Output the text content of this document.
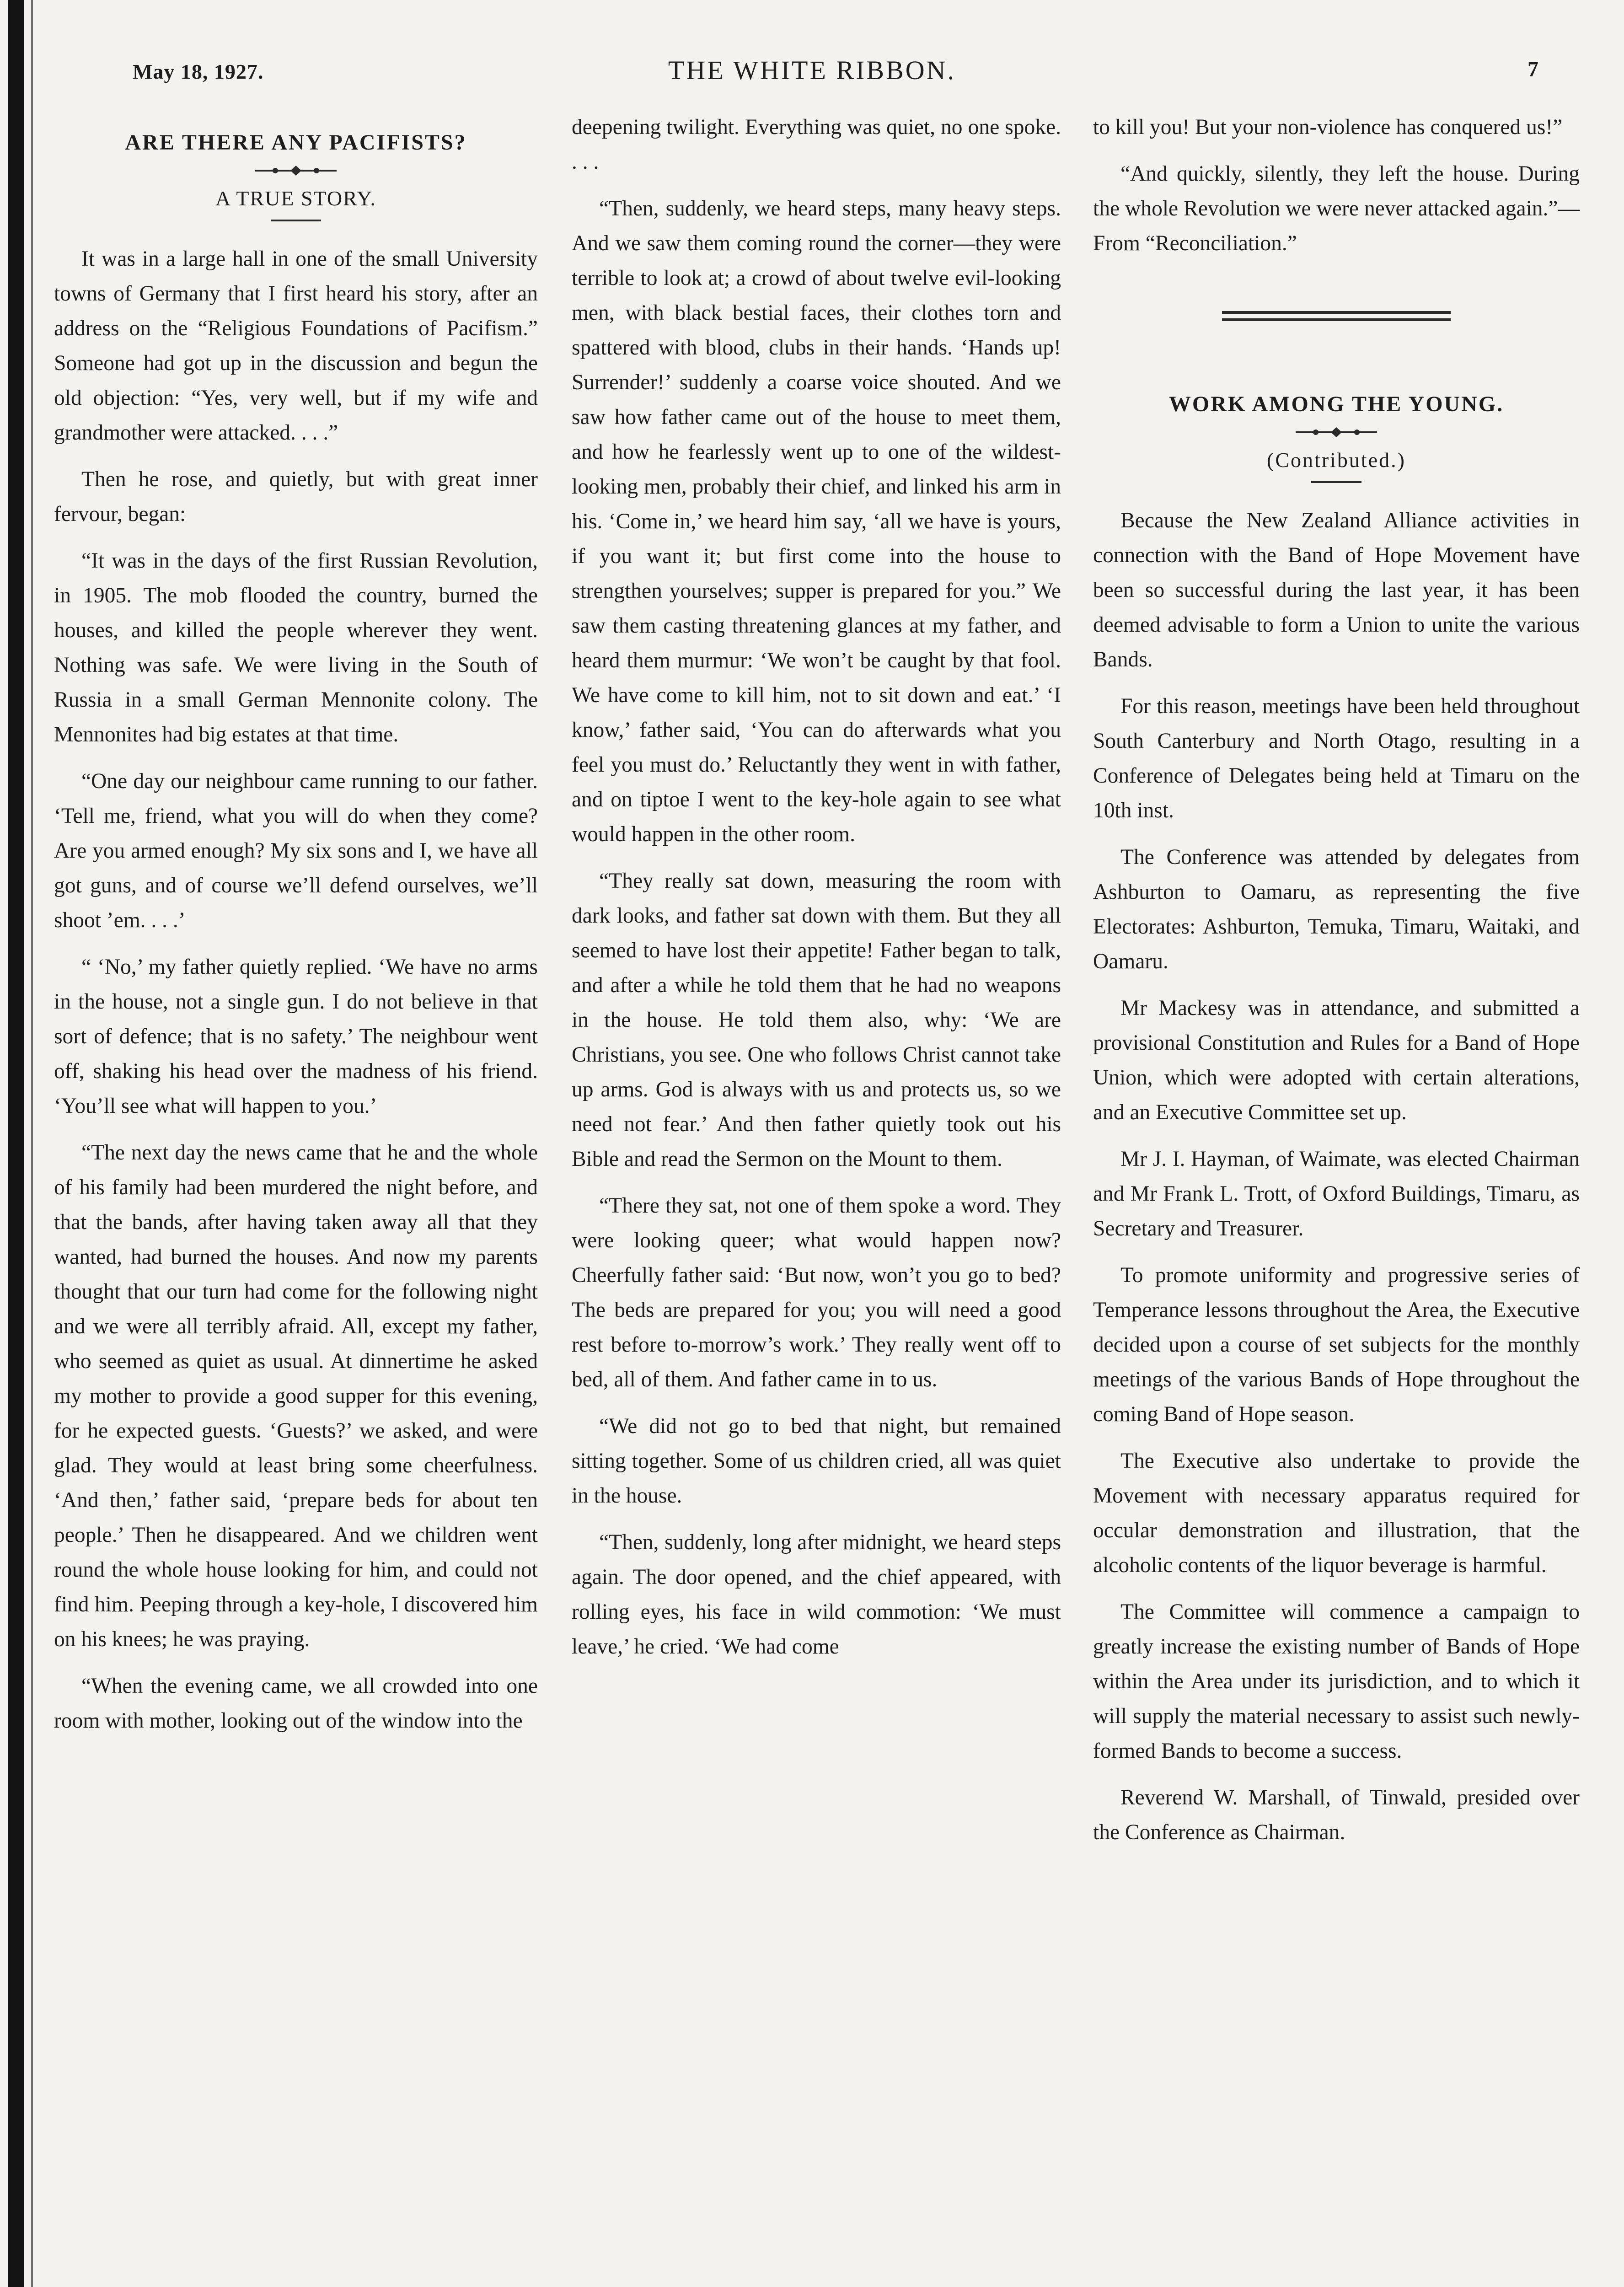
May 18, 1927.	THE WHITE RIBBON.	7
ARE THERE ANY PACIFISTS?
A TRUE STORY.

It was in a large hall in one of the small University towns of Germany that I first heard his story, after an address on the “Religious Foundations of Pacifism.” Someone had got up in the discussion and begun the old objection: “Yes, very well, but if my wife and grandmother were attacked. . . .”

Then he rose, and quietly, but with great inner fervour, began:

“It was in the days of the first Russian Revolution, in 1905. The mob flooded the country, burned the houses, and killed the people wherever they went. Nothing was safe. We were living in the South of Russia in a small German Mennonite colony. The Mennonites had big estates at that time.

“One day our neighbour came running to our father. ‘Tell me, friend, what you will do when they come? Are you armed enough? My six sons and I, we have all got guns, and of course we’ll defend ourselves, we’ll shoot ’em. . . .’

“ ‘No,’ my father quietly replied. ‘We have no arms in the house, not a single gun. I do not believe in that sort of defence; that is no safety.’ The neighbour went off, shaking his head over the madness of his friend. ‘You’ll see what will happen to you.’

“The next day the news came that he and the whole of his family had been murdered the night before, and that the bands, after having taken away all that they wanted, had burned the houses. And now my parents thought that our turn had come for the following night and we were all terribly afraid. All, except my father, who seemed as quiet as usual. At dinnertime he asked my mother to provide a good supper for this evening, for he expected guests. ‘Guests?’ we asked, and were glad. They would at least bring some cheerfulness. ‘And then,’ father said, ‘prepare beds for about ten people.’ Then he disappeared. And we children went round the whole house looking for him, and could not find him. Peeping through a key-hole, I discovered him on his knees; he was praying.

“When the evening came, we all crowded into one room with mother, looking out of the window into the

deepening twilight. Everything was quiet, no one spoke. . . .

“Then, suddenly, we heard steps, many heavy steps. And we saw them coming round the corner—they were terrible to look at; a crowd of about twelve evil-looking men, with black bestial faces, their clothes torn and spattered with blood, clubs in their hands. ‘Hands up! Surrender!’ suddenly a coarse voice shouted. And we saw how father came out of the house to meet them, and how he fearlessly went up to one of the wildest-looking men, probably their chief, and linked his arm in his. ‘Come in,’ we heard him say, ‘all we have is yours, if you want it; but first come into the house to strengthen yourselves; supper is prepared for you.” We saw them casting threatening glances at my father, and heard them murmur: ‘We won’t be caught by that fool. We have come to kill him, not to sit down and eat.’ ‘I know,’ father said, ‘You can do afterwards what you feel you must do.’ Reluctantly they went in with father, and on tiptoe I went to the key-hole again to see what would happen in the other room.

“They really sat down, measuring the room with dark looks, and father sat down with them. But they all seemed to have lost their appetite! Father began to talk, and after a while he told them that he had no weapons in the house. He told them also, why: ‘We are Christians, you see. One who follows Christ cannot take up arms. God is always with us and protects us, so we need not fear.’ And then father quietly took out his Bible and read the Sermon on the Mount to them.

“There they sat, not one of them spoke a word. They were looking queer; what would happen now? Cheerfully father said: ‘But now, won’t you go to bed? The beds are prepared for you; you will need a good rest before to-morrow’s work.’ They really went off to bed, all of them. And father came in to us.

“We did not go to bed that night, but remained sitting together. Some of us children cried, all was quiet in the house.

“Then, suddenly, long after midnight, we heard steps again. The door opened, and the chief appeared, with rolling eyes, his face in wild commotion: ‘We must leave,’ he cried. ‘We had come

to kill you! But your non-violence has conquered us!”

“And quickly, silently, they left the house. During the whole Revolution we were never attacked again.”—From “Reconciliation.”

WORK AMONG THE YOUNG.
(Contributed.)

Because the New Zealand Alliance activities in connection with the Band of Hope Movement have been so successful during the last year, it has been deemed advisable to form a Union to unite the various Bands.

For this reason, meetings have been held throughout South Canterbury and North Otago, resulting in a Conference of Delegates being held at Timaru on the 10th inst.

The Conference was attended by delegates from Ashburton to Oamaru, as representing the five Electorates: Ashburton, Temuka, Timaru, Waitaki, and Oamaru.

Mr Mackesy was in attendance, and submitted a provisional Constitution and Rules for a Band of Hope Union, which were adopted with certain alterations, and an Executive Committee set up.

Mr J. I. Hayman, of Waimate, was elected Chairman and Mr Frank L. Trott, of Oxford Buildings, Timaru, as Secretary and Treasurer.

To promote uniformity and progressive series of Temperance lessons throughout the Area, the Executive decided upon a course of set subjects for the monthly meetings of the various Bands of Hope throughout the coming Band of Hope season.

The Executive also undertake to provide the Movement with necessary apparatus required for occular demonstration and illustration, that the alcoholic contents of the liquor beverage is harmful.

The Committee will commence a campaign to greatly increase the existing number of Bands of Hope within the Area under its jurisdiction, and to which it will supply the material necessary to assist such newly-formed Bands to become a success.

Reverend W. Marshall, of Tinwald, presided over the Conference as Chairman.
